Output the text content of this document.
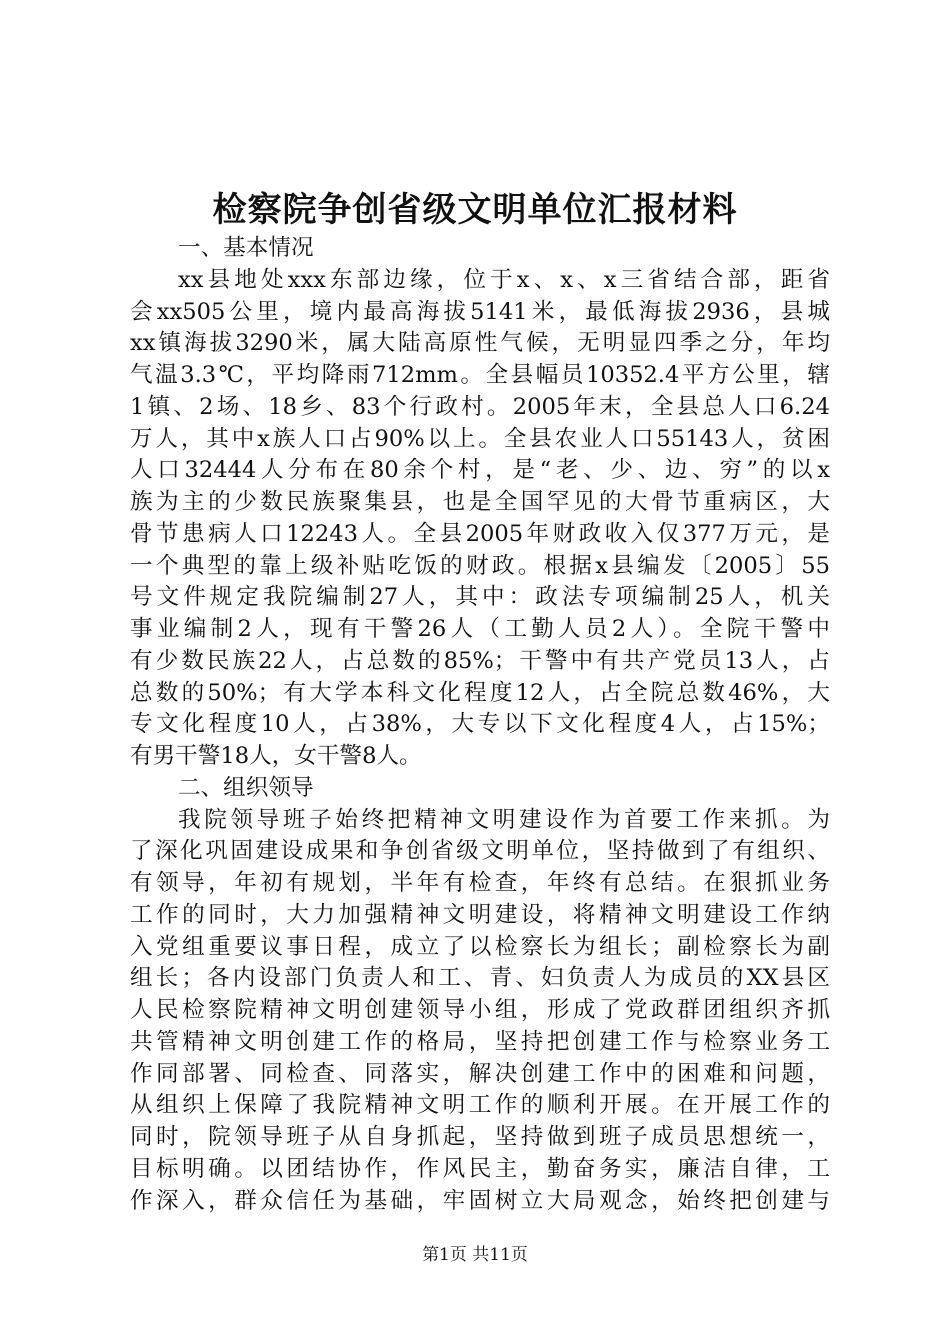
检察院争创省级文明单位汇报材料
一、基本情况
xx县地处xxx东部边缘，位于x、x、x三省结合部，距省
会xx505公里，境内最高海拔5141米，最低海拔2936，县城
xx镇海拔3290米，属大陆高原性气候，无明显四季之分，年均
气温3.3℃，平均降雨712mm。全县幅员10352.4平方公里，辖
1镇、2场、18乡、83个行政村。2005年末，全县总人口6.24
万人，其中x族人口占90%以上。全县农业人口55143人，贫困
人口32444人分布在80余个村，是“老、少、边、穷”的以x
族为主的少数民族聚集县，也是全国罕见的大骨节重病区，大
骨节患病人口12243人。全县2005年财政收入仅377万元，是
一个典型的靠上级补贴吃饭的财政。根据x县编发〔2005〕55
号文件规定我院编制27人，其中：政法专项编制25人，机关
事业编制2人，现有干警26人（工勤人员2人）。全院干警中
有少数民族22人，占总数的85%；干警中有共产党员13人，占
总数的50%；有大学本科文化程度12人，占全院总数46%，大
专文化程度10人，占38%，大专以下文化程度4人，占15%；
有男干警18人，女干警8人。
二、组织领导
我院领导班子始终把精神文明建设作为首要工作来抓。为
了深化巩固建设成果和争创省级文明单位，坚持做到了有组织、
有领导，年初有规划，半年有检查，年终有总结。在狠抓业务
工作的同时，大力加强精神文明建设，将精神文明建设工作纳
入党组重要议事日程，成立了以检察长为组长；副检察长为副
组长；各内设部门负责人和工、青、妇负责人为成员的XX县区
人民检察院精神文明创建领导小组，形成了党政群团组织齐抓
共管精神文明创建工作的格局，坚持把创建工作与检察业务工
作同部署、同检查、同落实，解决创建工作中的困难和问题，
从组织上保障了我院精神文明工作的顺利开展。在开展工作的
同时，院领导班子从自身抓起，坚持做到班子成员思想统一，
目标明确。以团结协作，作风民主，勤奋务实，廉洁自律，工
作深入，群众信任为基础，牢固树立大局观念，始终把创建与
第1页 共11页
